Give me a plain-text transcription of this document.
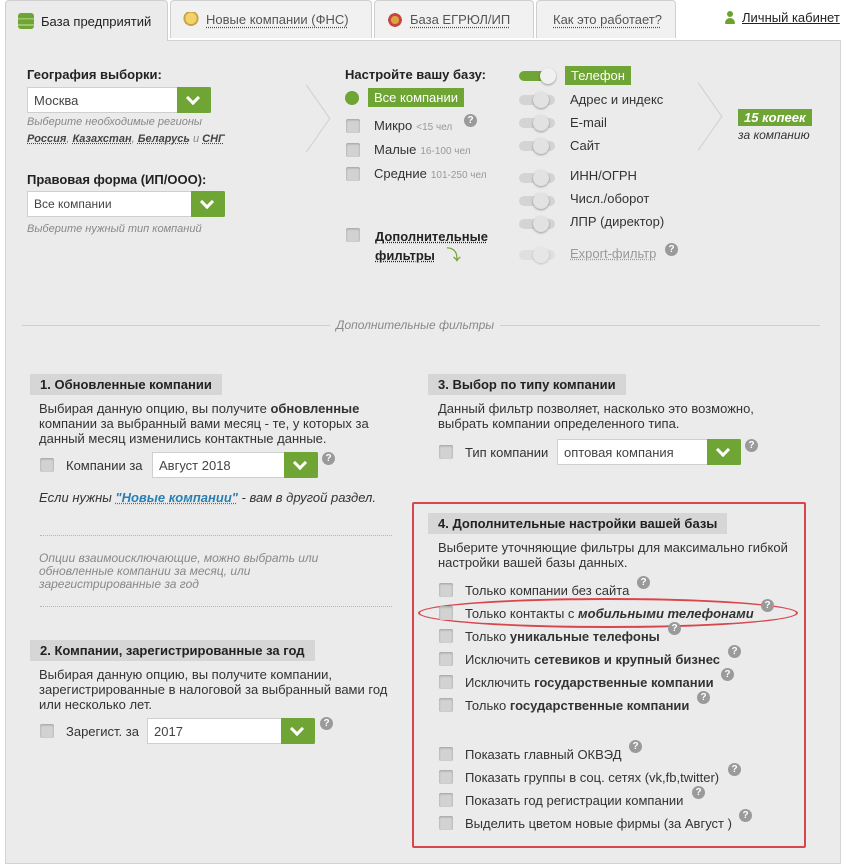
База предприятий	Новые компании (ФНС)	База ЕГРЮЛ/ИП	Как это работает?	Личный кабинет
География выборки:
Москва
Выберите необходимые регионы
Россия, Казахстан, Беларусь и СНГ
Правовая форма (ИП/ООО):
Все компании
Выберите нужный тип компаний
Настройте вашу базу:
Все компании
Микро <15 чел
?
Малые 16-100 чел
Средние 101-250 чел
Дополнительные
фильтры ⤵
Телефон
Адрес и индекс
E-mail
Сайт
ИНН/ОГРН
Числ./оборот
ЛПР (директор)
Export-фильтр	?
15 копеек
за компанию
Дополнительные фильтры
1. Обновленные компании
Выбирая данную опцию, вы получите обновленные компании за выбранный вами месяц - те, у которых за данный месяц изменились контактные данные.
Компании за Август 2018	?
Если нужны "Новые компании" - вам в другой раздел.
Опции взаимоисключающие, можно выбрать или обновленные компании за месяц, или зарегистрированные за год
2. Компании, зарегистрированные за год
Выбирая данную опцию, вы получите компании, зарегистрированные в налоговой за выбранный вами год или несколько лет.
Зарегист. за 2017	?
3. Выбор по типу компании
Данный фильтр позволяет, насколько это возможно, выбрать компании определенного типа.
Тип компании оптовая компания	?
4. Дополнительные настройки вашей базы
Выберите уточняющие фильтры для максимально гибкой настройки вашей базы данных.
Только компании без сайта
?
Только контакты с мобильными телефонами
?
Только уникальные телефоны
?
Исключить сетевиков и крупный бизнес
?
Исключить государственные компании
?
Только государственные компании
?
Показать главный ОКВЭД
?
Показать группы в соц. сетях (vk,fb,twitter)
?
Показать год регистрации компании
?
Выделить цветом новые фирмы (за Август )
?
